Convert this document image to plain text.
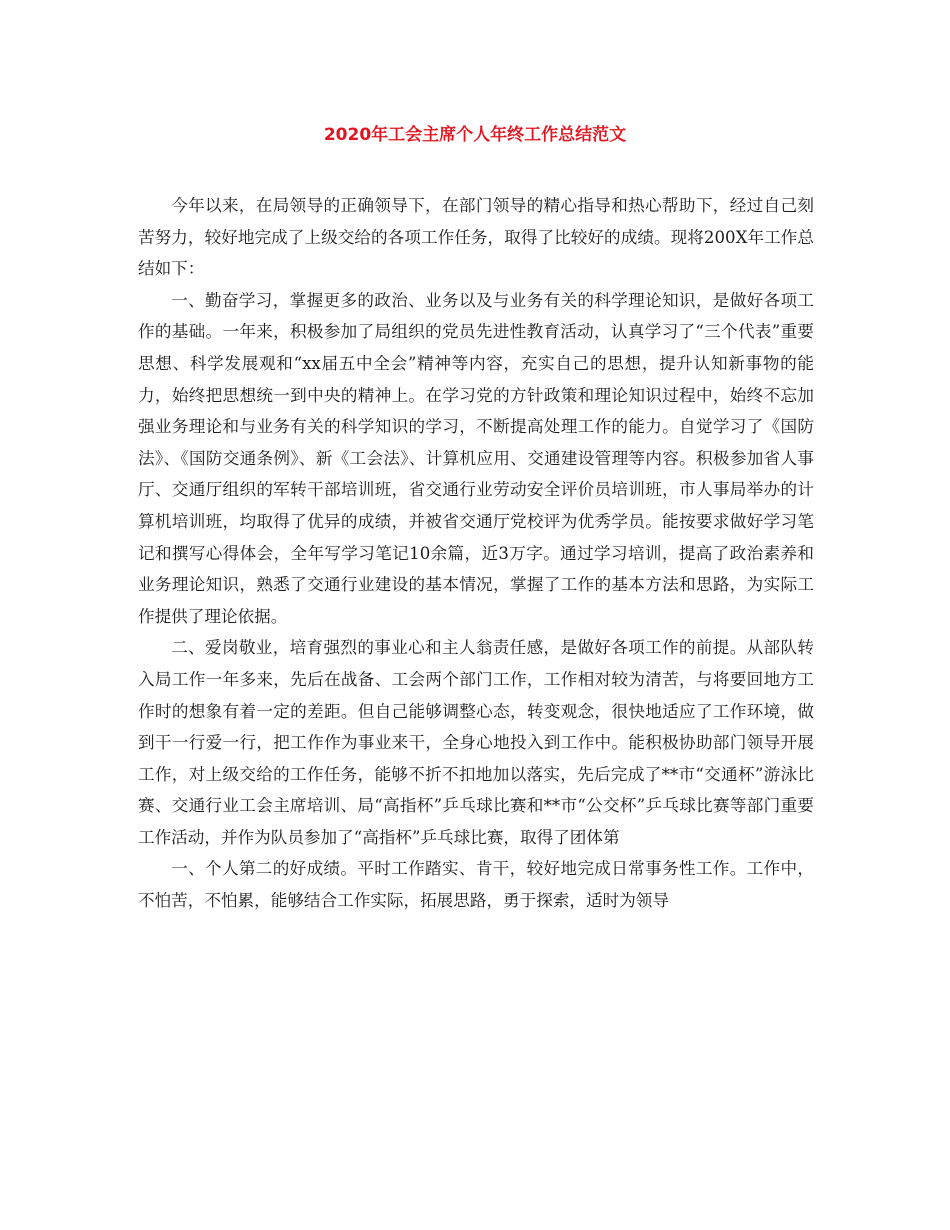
2020年工会主席个人年终工作总结范文

今年以来，在局领导的正确领导下，在部门领导的精心指导和热心帮助下，经过自己刻苦努力，较好地完成了上级交给的各项工作任务，取得了比较好的成绩。现将200X年工作总结如下：

一、勤奋学习，掌握更多的政治、业务以及与业务有关的科学理论知识，是做好各项工作的基础。一年来，积极参加了局组织的党员先进性教育活动，认真学习了“三个代表”重要思想、科学发展观和“xx届五中全会”精神等内容，充实自己的思想，提升认知新事物的能力，始终把思想统一到中央的精神上。在学习党的方针政策和理论知识过程中，始终不忘加强业务理论和与业务有关的科学知识的学习，不断提高处理工作的能力。自觉学习了《国防法》、《国防交通条例》、新《工会法》、计算机应用、交通建设管理等内容。积极参加省人事厅、交通厅组织的军转干部培训班，省交通行业劳动安全评价员培训班，市人事局举办的计算机培训班，均取得了优异的成绩，并被省交通厅党校评为优秀学员。能按要求做好学习笔记和撰写心得体会，全年写学习笔记10余篇，近3万字。通过学习培训，提高了政治素养和业务理论知识，熟悉了交通行业建设的基本情况，掌握了工作的基本方法和思路，为实际工作提供了理论依据。

二、爱岗敬业，培育强烈的事业心和主人翁责任感，是做好各项工作的前提。从部队转入局工作一年多来，先后在战备、工会两个部门工作，工作相对较为清苦，与将要回地方工作时的想象有着一定的差距。但自己能够调整心态，转变观念，很快地适应了工作环境，做到干一行爱一行，把工作作为事业来干，全身心地投入到工作中。能积极协助部门领导开展工作，对上级交给的工作任务，能够不折不扣地加以落实，先后完成了**市“交通杯”游泳比赛、交通行业工会主席培训、局“高指杯”乒乓球比赛和**市“公交杯”乒乓球比赛等部门重要工作活动，并作为队员参加了“高指杯”乒乓球比赛，取得了团体第

一、个人第二的好成绩。平时工作踏实、肯干，较好地完成日常事务性工作。工作中，不怕苦，不怕累，能够结合工作实际，拓展思路，勇于探索，适时为领导
